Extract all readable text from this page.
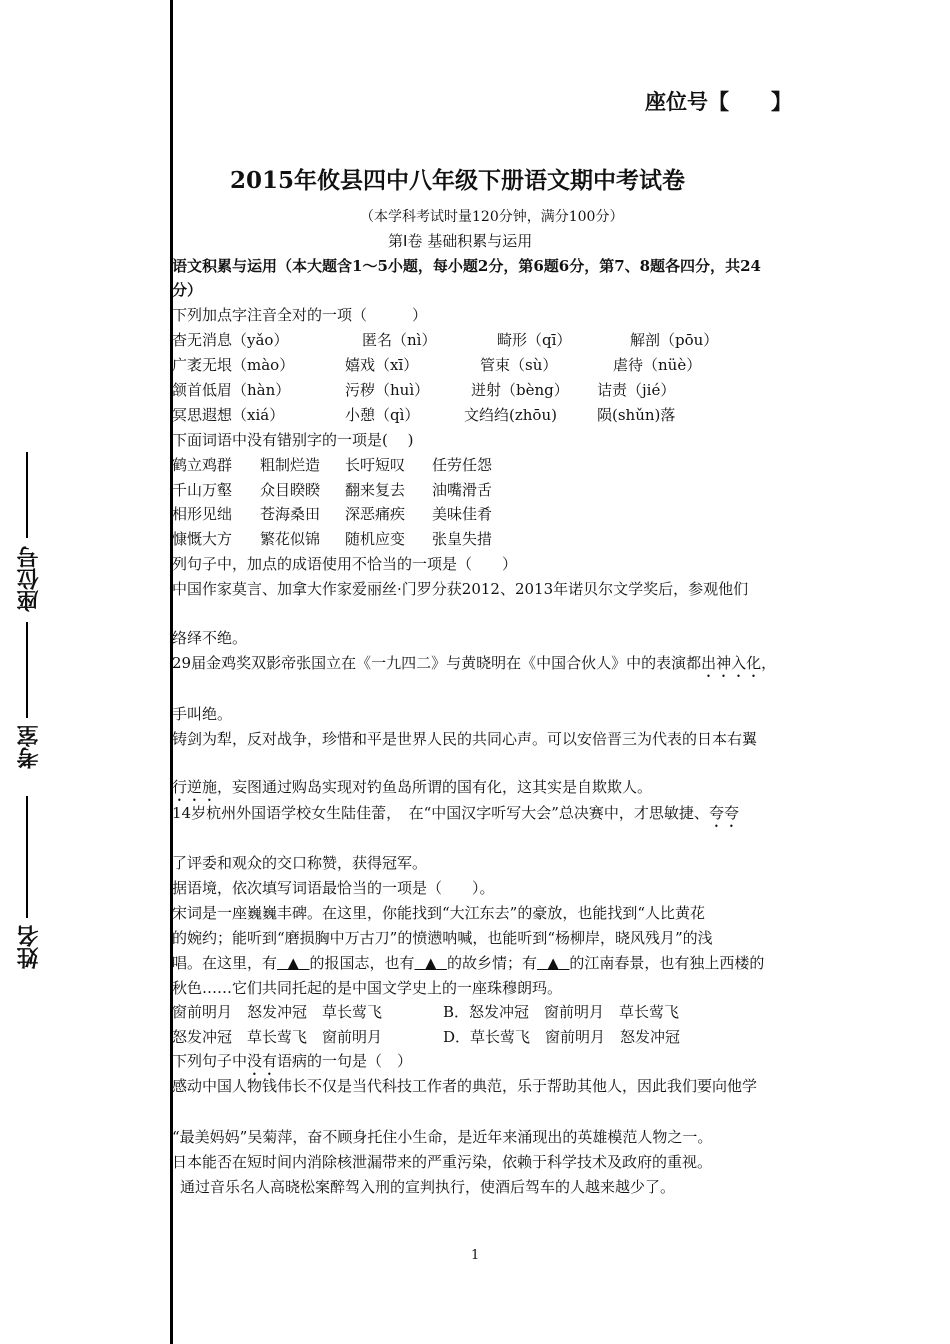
姓名
考室
座位号
座位号【　　】
2015年攸县四中八年级下册语文期中考试卷
（本学科考试时量120分钟，满分100分）
第Ⅰ卷 基础积累与运用
语文积累与运用（本大题含1～5小题，每小题2分，第6题6分，第7、8题各四分，共24
分）
下列加点字注音全对的一项（　　　）
杳无消息（yǎo）	匿名（nì）	畸形（qī）	解剖（pōu）
广袤无垠（mào）	嬉戏（xī）	管束（sù）	虐待（nüè）
颔首低眉（hàn）	污秽（huì）	迸射（bèng） 诘责（jié）
冥思遐想（xiá）	小憩（qì）	文绉绉(zhōu)	陨(shǔn)落
下面词语中没有错别字的一项是(　 )
鹤立鸡群 粗制烂造 长吁短叹 任劳任怨
千山万壑 众目睽睽 翻来复去 油嘴滑舌
相形见绌 苍海桑田 深恶痛疾 美味佳肴
慷慨大方 繁花似锦 随机应变 张皇失措
列句子中，加点的成语使用不恰当的一项是（　　）
中国作家莫言、加拿大作家爱丽丝·门罗分获2012、2013年诺贝尔文学奖后，参观他们
络绎不绝。
29届金鸡奖双影帝张国立在《一九四二》与黄晓明在《中国合伙人》中的表演都出神入化，
手叫绝。
铸剑为犁，反对战争，珍惜和平是世界人民的共同心声。可以安倍晋三为代表的日本右翼
行逆施，妄图通过购岛实现对钓鱼岛所谓的国有化，这其实是自欺欺人。
14岁杭州外国语学校女生陆佳蕾，　在“中国汉字听写大会”总决赛中，才思敏捷、夸夸
了评委和观众的交口称赞，获得冠军。
据语境，依次填写词语最恰当的一项是（　　）。
宋词是一座巍巍丰碑。在这里，你能找到“大江东去”的豪放，也能找到“人比黄花
的婉约；能听到“磨损胸中万古刀”的愤懑呐喊，也能听到“杨柳岸，晓风残月”的浅
唱。在这里，有 ▲ 的报国志，也有 ▲ 的故乡情；有 ▲ 的江南春景，也有独上西楼的
秋色……它们共同托起的是中国文学史上的一座珠穆朗玛。
窗前明月　怒发冲冠　草长莺飞	B．怒发冲冠　窗前明月　草长莺飞
怒发冲冠　草长莺飞　窗前明月	D．草长莺飞　窗前明月　怒发冲冠
下列句子中没有语病的一句是（　）
感动中国人物钱伟长不仅是当代科技工作者的典范，乐于帮助其他人，因此我们要向他学
“最美妈妈”吴菊萍，奋不顾身托住小生命，是近年来涌现出的英雄模范人物之一。
日本能否在短时间内消除核泄漏带来的严重污染，依赖于科学技术及政府的重视。
通过音乐名人高晓松案醉驾入刑的宣判执行，使酒后驾车的人越来越少了。
1
